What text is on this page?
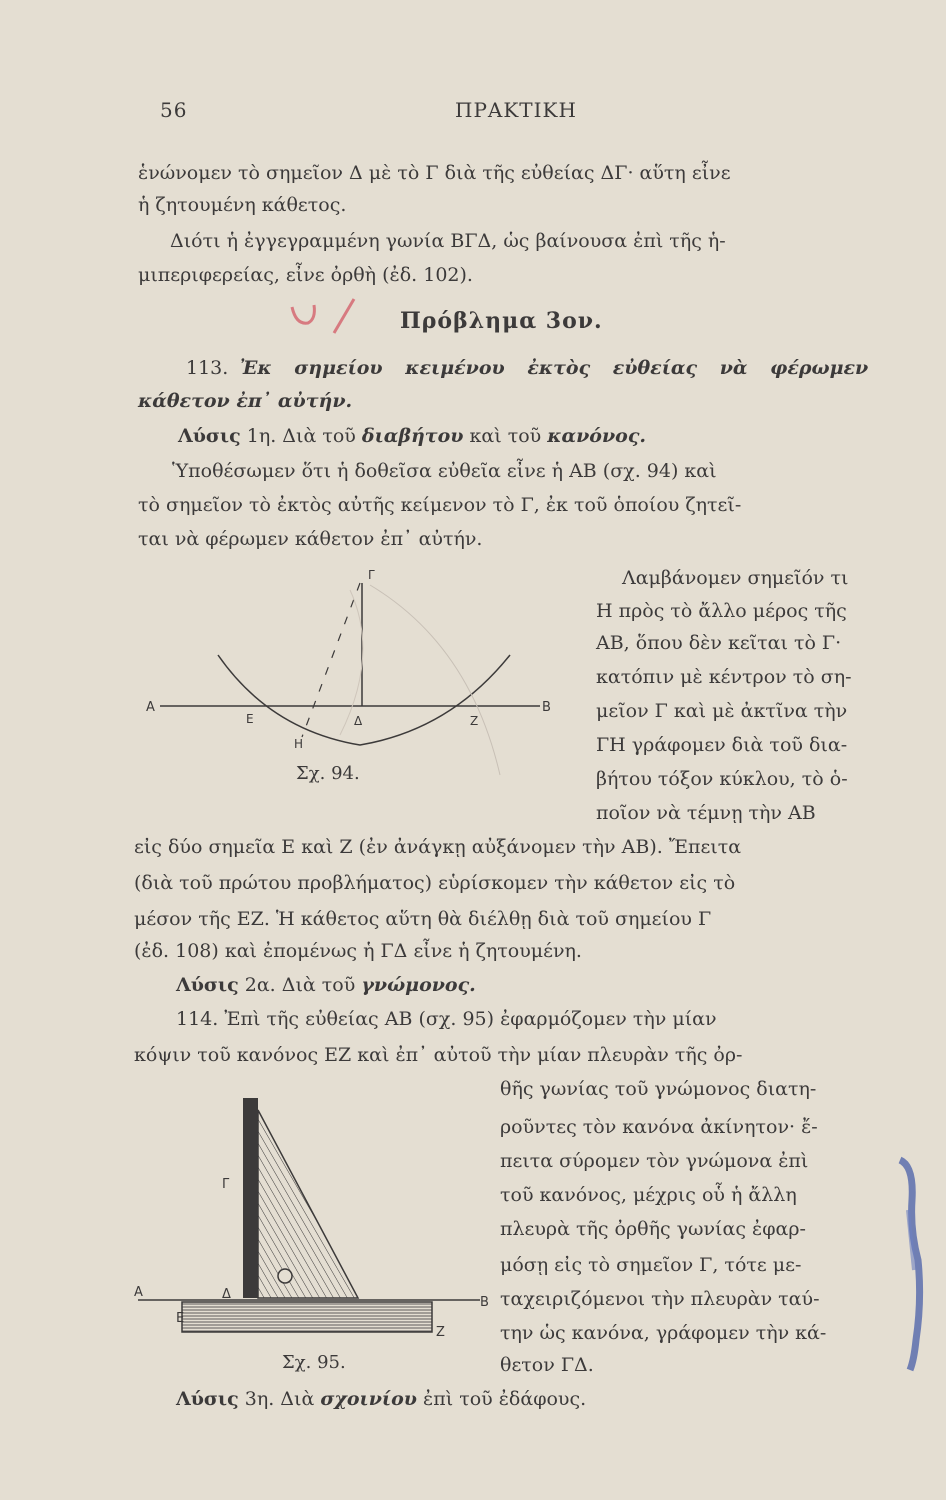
56	ΠΡΑΚΤΙΚΗ
ἑνώνομεν τὸ σημεῖον Δ μὲ τὸ Γ διὰ τῆς εὐθείας ΔΓ· αὕτη εἶνε
ἡ ζητουμένη κάθετος.
Διότι ἡ ἐγγεγραμμένη γωνία ΒΓΔ, ὡς βαίνουσα ἐπὶ τῆς ἡ-
μιπεριφερείας, εἶνε ὀρθὴ (ἐδ. 102).
Πρόβλημα 3ον.
113. Ἐκ σημείου κειμένου ἐκτὸς εὐθείας νὰ φέρωμεν
κάθετον ἐπ᾽ αὐτήν.
Λύσις 1η. Διὰ τοῦ διαβήτου καὶ τοῦ κανόνος.
Ὑποθέσωμεν ὅτι ἡ δοθεῖσα εὐθεῖα εἶνε ἡ ΑΒ (σχ. 94) καὶ
τὸ σημεῖον τὸ ἐκτὸς αὐτῆς κείμενον τὸ Γ, ἐκ τοῦ ὁποίου ζητεῖ-
ται νὰ φέρωμεν κάθετον ἐπ᾽ αὐτήν.
Γ
Α
Ε	Δ	Ζ
Β
Η
Σχ. 94.
Λαμβάνομεν σημεῖόν τι
Η πρὸς τὸ ἄλλο μέρος τῆς
ΑΒ, ὅπου δὲν κεῖται τὸ Γ·
κατόπιν μὲ κέντρον τὸ ση-
μεῖον Γ καὶ μὲ ἀκτῖνα τὴν
ΓΗ γράφομεν διὰ τοῦ δια-
βήτου τόξον κύκλου, τὸ ὁ-
ποῖον νὰ τέμνῃ τὴν ΑΒ
εἰς δύο σημεῖα Ε καὶ Ζ (ἐν ἀνάγκῃ αὐξάνομεν τὴν ΑΒ). Ἔπειτα
(διὰ τοῦ πρώτου προβλήματος) εὑρίσκομεν τὴν κάθετον εἰς τὸ
μέσον τῆς ΕΖ. Ἡ κάθετος αὕτη θὰ διέλθῃ διὰ τοῦ σημείου Γ
(ἐδ. 108) καὶ ἐπομένως ἡ ΓΔ εἶνε ἡ ζητουμένη.
Λύσις 2α. Διὰ τοῦ γνώμονος.
114. Ἐπὶ τῆς εὐθείας ΑΒ (σχ. 95) ἐφαρμόζομεν τὴν μίαν
κόψιν τοῦ κανόνος ΕΖ καὶ ἐπ᾽ αὐτοῦ τὴν μίαν πλευρὰν τῆς ὀρ-
Γ
Α	Δ
Β
Ε
Ζ
Σχ. 95.
θῆς γωνίας τοῦ γνώμονος διατη-
ροῦντες τὸν κανόνα ἀκίνητον· ἔ-
πειτα σύρομεν τὸν γνώμονα ἐπὶ
τοῦ κανόνος, μέχρις οὗ ἡ ἄλλη
πλευρὰ τῆς ὀρθῆς γωνίας ἐφαρ-
μόσῃ εἰς τὸ σημεῖον Γ, τότε με-
ταχειριζόμενοι τὴν πλευρὰν ταύ-
την ὡς κανόνα, γράφομεν τὴν κά-
θετον ΓΔ.
Λύσις 3η. Διὰ σχοινίου ἐπὶ τοῦ ἐδάφους.
